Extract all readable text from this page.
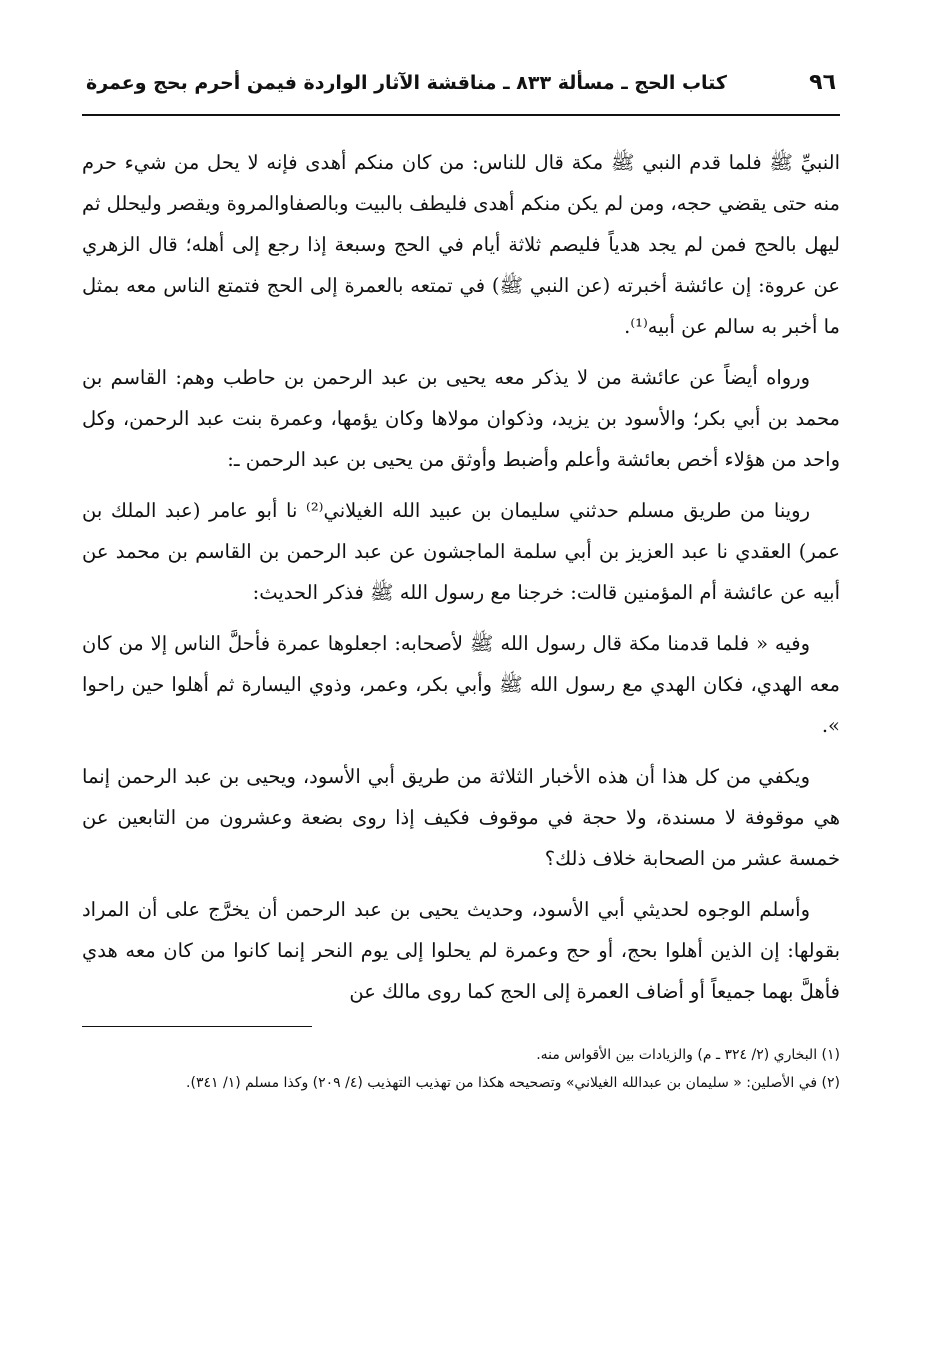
٩٦
كتاب الحج ـ مسألة ٨٣٣ ـ مناقشة الآثار الواردة فيمن أحرم بحج وعمرة

النبيِّ ﷺ فلما قدم النبي ﷺ مكة قال للناس: من كان منكم أهدى فإنه لا يحل من شيء حرم منه حتى يقضي حجه، ومن لم يكن منكم أهدى فليطف بالبيت وبالصفاوالمروة ويقصر وليحلل ثم ليهل بالحج فمن لم يجد هدياً فليصم ثلاثة أيام في الحج وسبعة إذا رجع إلى أهله؛ قال الزهري عن عروة: إن عائشة أخبرته (عن النبي ﷺ) في تمتعه بالعمرة إلى الحج فتمتع الناس معه بمثل ما أخبر به سالم عن أبيه⁽¹⁾.

ورواه أيضاً عن عائشة من لا يذكر معه يحيى بن عبد الرحمن بن حاطب وهم: القاسم بن محمد بن أبي بكر؛ والأسود بن يزيد، وذكوان مولاها وكان يؤمها، وعمرة بنت عبد الرحمن، وكل واحد من هؤلاء أخص بعائشة وأعلم وأضبط وأوثق من يحيى بن عبد الرحمن ـ:

روينا من طريق مسلم حدثني سليمان بن عبيد الله الغيلاني⁽²⁾ نا أبو عامر (عبد الملك بن عمر) العقدي نا عبد العزيز بن أبي سلمة الماجشون عن عبد الرحمن بن القاسم بن محمد عن أبيه عن عائشة أم المؤمنين قالت: خرجنا مع رسول الله ﷺ فذكر الحديث:

وفيه « فلما قدمنا مكة قال رسول الله ﷺ لأصحابه: اجعلوها عمرة فأحلَّ الناس إلا من كان معه الهدي، فكان الهدي مع رسول الله ﷺ وأبي بكر، وعمر، وذوي اليسارة ثم أهلوا حين راحوا ».

ويكفي من كل هذا أن هذه الأخبار الثلاثة من طريق أبي الأسود، ويحيى بن عبد الرحمن إنما هي موقوفة لا مسندة، ولا حجة في موقوف فكيف إذا روى بضعة وعشرون من التابعين عن خمسة عشر من الصحابة خلاف ذلك؟

وأسلم الوجوه لحديثي أبي الأسود، وحديث يحيى بن عبد الرحمن أن يخرَّج على أن المراد بقولها: إن الذين أهلوا بحج، أو حج وعمرة لم يحلوا إلى يوم النحر إنما كانوا من كان معه هدي فأهلَّ بهما جميعاً أو أضاف العمرة إلى الحج كما روى مالك عن

(١) البخاري (٢/ ٣٢٤ ـ م) والزيادات بين الأقواس منه.

(٢) في الأصلين: « سليمان بن عبدالله الغيلاني» وتصحيحه هكذا من تهذيب التهذيب (٤/ ٢٠٩) وكذا مسلم (١/ ٣٤١).
